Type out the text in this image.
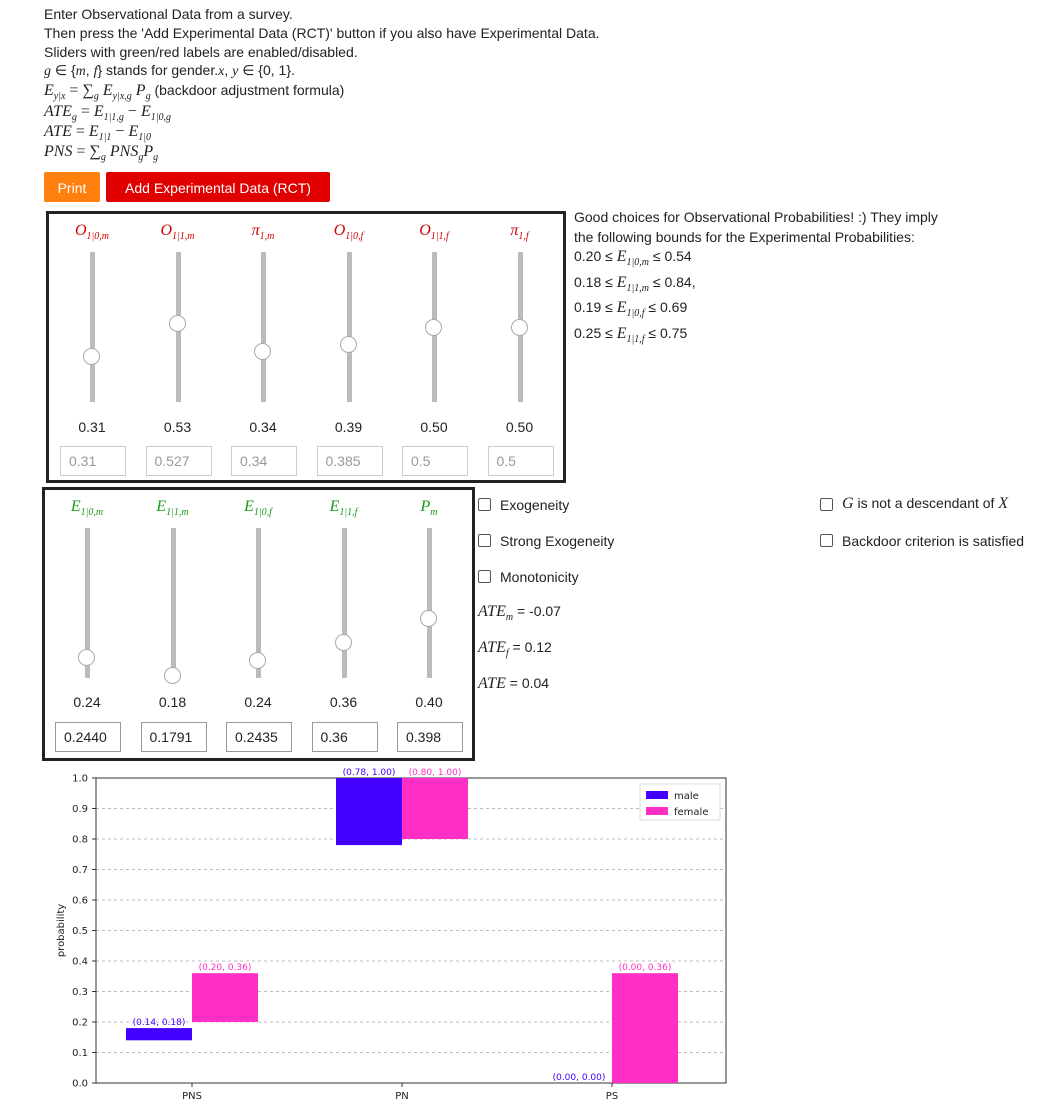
Enter Observational Data from a survey.
Then press the 'Add Experimental Data (RCT)' button if you also have Experimental Data.
Sliders with green/red labels are enabled/disabled.
g ∈ {m, f} stands for gender.x, y ∈ {0, 1}.
$E_{y|x} = \sum_g$ $E_{y|x,g}$ $P_g$ (backdoor adjustment formula)
$ATE_g = E_{1|1,g} - E_{1|0,g}$
ATE = $E_{1|1} - E_{1|0}$
PNS = $\sum_g$ $PNS_gP_g$
Print	Add Experimental Data (RCT)
$O_{1|0,m}$
0.31
0.31
$O_{1|1,m}$
0.53
0.527
$\pi_{1,m}$
0.34
0.34
$O_{1|0,f}$
0.39
0.385
$O_{1|1,f}$
0.50
0.5
$\pi_{1,f}$
0.50
0.5
$E_{1|0,m}$
0.24
0.2440
$E_{1|1,m}$
0.18
0.1791
$E_{1|0,f}$
0.24
0.2435
$E_{1|1,f}$
0.36
0.36
$P_m$
0.40
0.398
Good choices for Observational Probabilities! :) They imply
the following bounds for the Experimental Probabilities:
$0.20 \le E_{1|0,m} \le 0.54$
$0.18 \le E_{1|1,m} \le 0.84$,
$0.19 \le E_{1|0,f} \le 0.69$
$0.25 \le E_{1|1,f} \le 0.75$
Exogeneity
Strong Exogeneity
Monotonicity
G is not a descendant of X
Backdoor criterion is satisfied
$ATE_m = -0.07$
$ATE_f = 0.12$
ATE = 0.04
0.0
0.1
0.2
0.3
0.4
0.5
0.6
0.7
0.8
0.9
1.0
probability
PNS	PN	PS
(0.14, 0.18)
(0.78, 1.00)
(0.00, 0.00)
(0.20, 0.36)
(0.80, 1.00)
(0.00, 0.36)
male
female
